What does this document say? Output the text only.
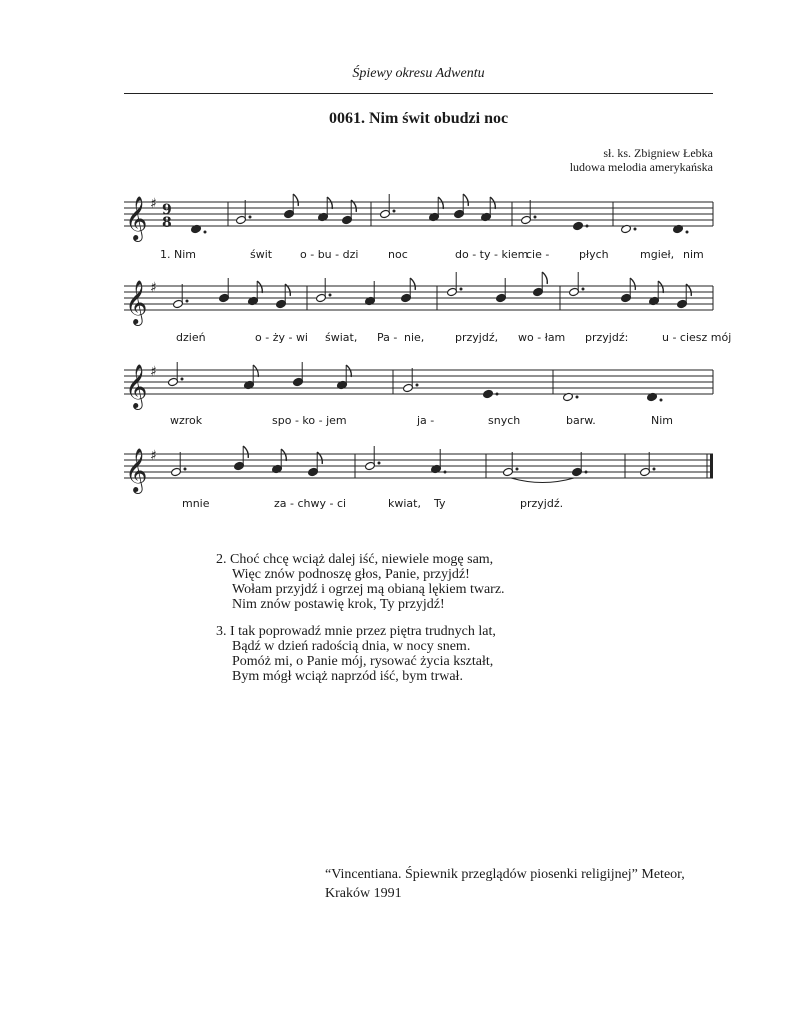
Śpiewy okresu Adwentu
0061. Nim świt obudzi noc
sł. ks. Zbigniew Łebka
ludowa melodia amerykańska
𝄞 ♯ 9
8
𝄞 ♯
𝄞 ♯
𝄞 ♯
1. Nim	świt	o - bu - dzi	noc	do - ty - kiem
cie -	płych	mgieł, nim
dzień	o - ży - wi świat, Pa - nie,	przyjdź, wo - łam przyjdź:	u - ciesz mój
wzrok	spo - ko - jem	ja -	snych	barw.	Nim
mnie	za - chwy - ci	kwiat, Ty	przyjdź.
2. Choć chcę wciąż dalej iść, niewiele mogę sam,
Więc znów podnoszę głos, Panie, przyjdź!
Wołam przyjdź i ogrzej mą obianą lękiem twarz.
Nim znów postawię krok, Ty przyjdź!
3. I tak poprowadź mnie przez piętra trudnych lat,
Bądź w dzień radością dnia, w nocy snem.
Pomóż mi, o Panie mój, rysować życia kształt,
Bym mógł wciąż naprzód iść, bym trwał.
“Vincentiana. Śpiewnik przeglądów piosenki religijnej” Meteor,
Kraków 1991
